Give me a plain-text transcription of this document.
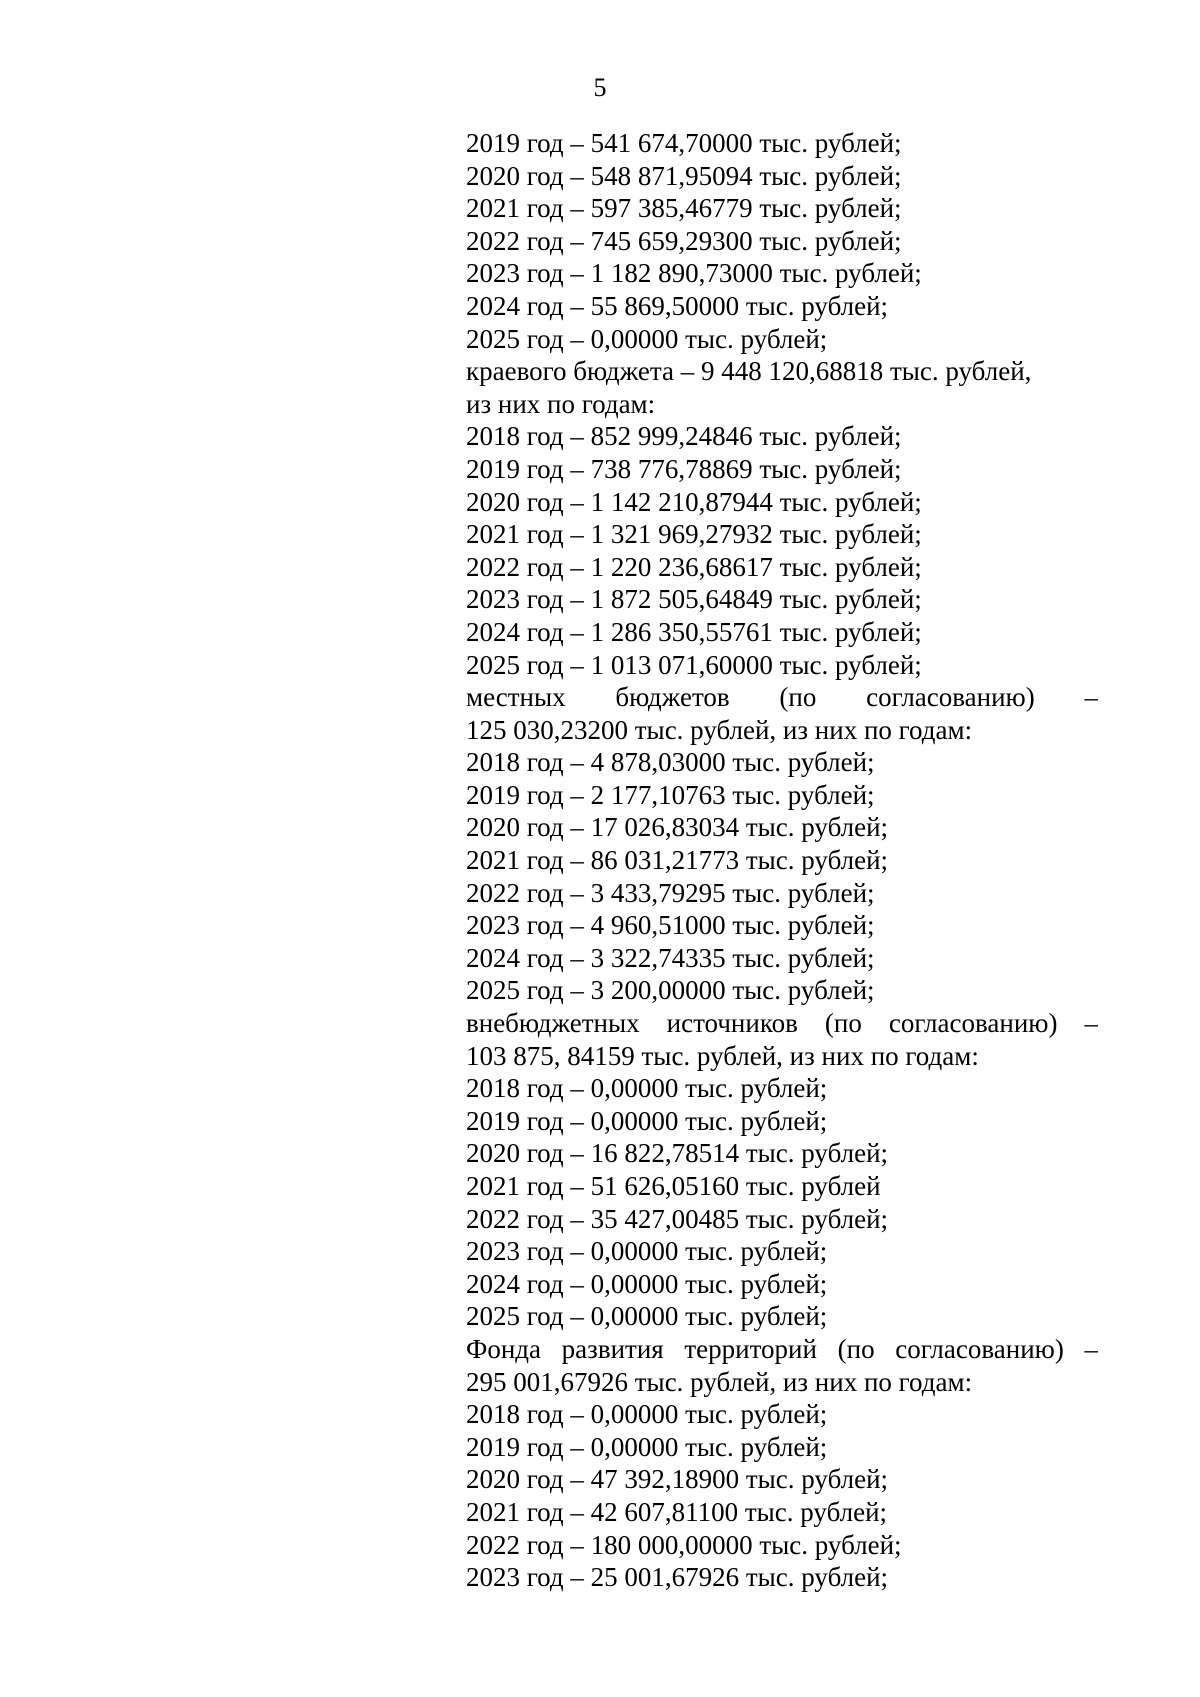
5
2019 год – 541 674,70000 тыс. рублей;
2020 год – 548 871,95094 тыс. рублей;
2021 год – 597 385,46779 тыс. рублей;
2022 год – 745 659,29300 тыс. рублей;
2023 год – 1 182 890,73000 тыс. рублей;
2024 год – 55 869,50000 тыс. рублей;
2025 год – 0,00000 тыс. рублей;
краевого бюджета – 9 448 120,68818 тыс. рублей,
из них по годам:
2018 год – 852 999,24846 тыс. рублей;
2019 год – 738 776,78869 тыс. рублей;
2020 год – 1 142 210,87944 тыс. рублей;
2021 год – 1 321 969,27932 тыс. рублей;
2022 год – 1 220 236,68617 тыс. рублей;
2023 год – 1 872 505,64849 тыс. рублей;
2024 год – 1 286 350,55761 тыс. рублей;
2025 год – 1 013 071,60000 тыс. рублей;
местных бюджетов (по согласованию) –
125 030,23200 тыс. рублей, из них по годам:
2018 год – 4 878,03000 тыс. рублей;
2019 год – 2 177,10763 тыс. рублей;
2020 год – 17 026,83034 тыс. рублей;
2021 год – 86 031,21773 тыс. рублей;
2022 год – 3 433,79295 тыс. рублей;
2023 год – 4 960,51000 тыс. рублей;
2024 год – 3 322,74335 тыс. рублей;
2025 год – 3 200,00000 тыс. рублей;
внебюджетных источников (по согласованию) –
103 875, 84159 тыс. рублей, из них по годам:
2018 год – 0,00000 тыс. рублей;
2019 год – 0,00000 тыс. рублей;
2020 год – 16 822,78514 тыс. рублей;
2021 год – 51 626,05160 тыс. рублей
2022 год – 35 427,00485 тыс. рублей;
2023 год – 0,00000 тыс. рублей;
2024 год – 0,00000 тыс. рублей;
2025 год – 0,00000 тыс. рублей;
Фонда развития территорий (по согласованию) –
295 001,67926 тыс. рублей, из них по годам:
2018 год – 0,00000 тыс. рублей;
2019 год – 0,00000 тыс. рублей;
2020 год – 47 392,18900 тыс. рублей;
2021 год – 42 607,81100 тыс. рублей;
2022 год – 180 000,00000 тыс. рублей;
2023 год – 25 001,67926 тыс. рублей;
